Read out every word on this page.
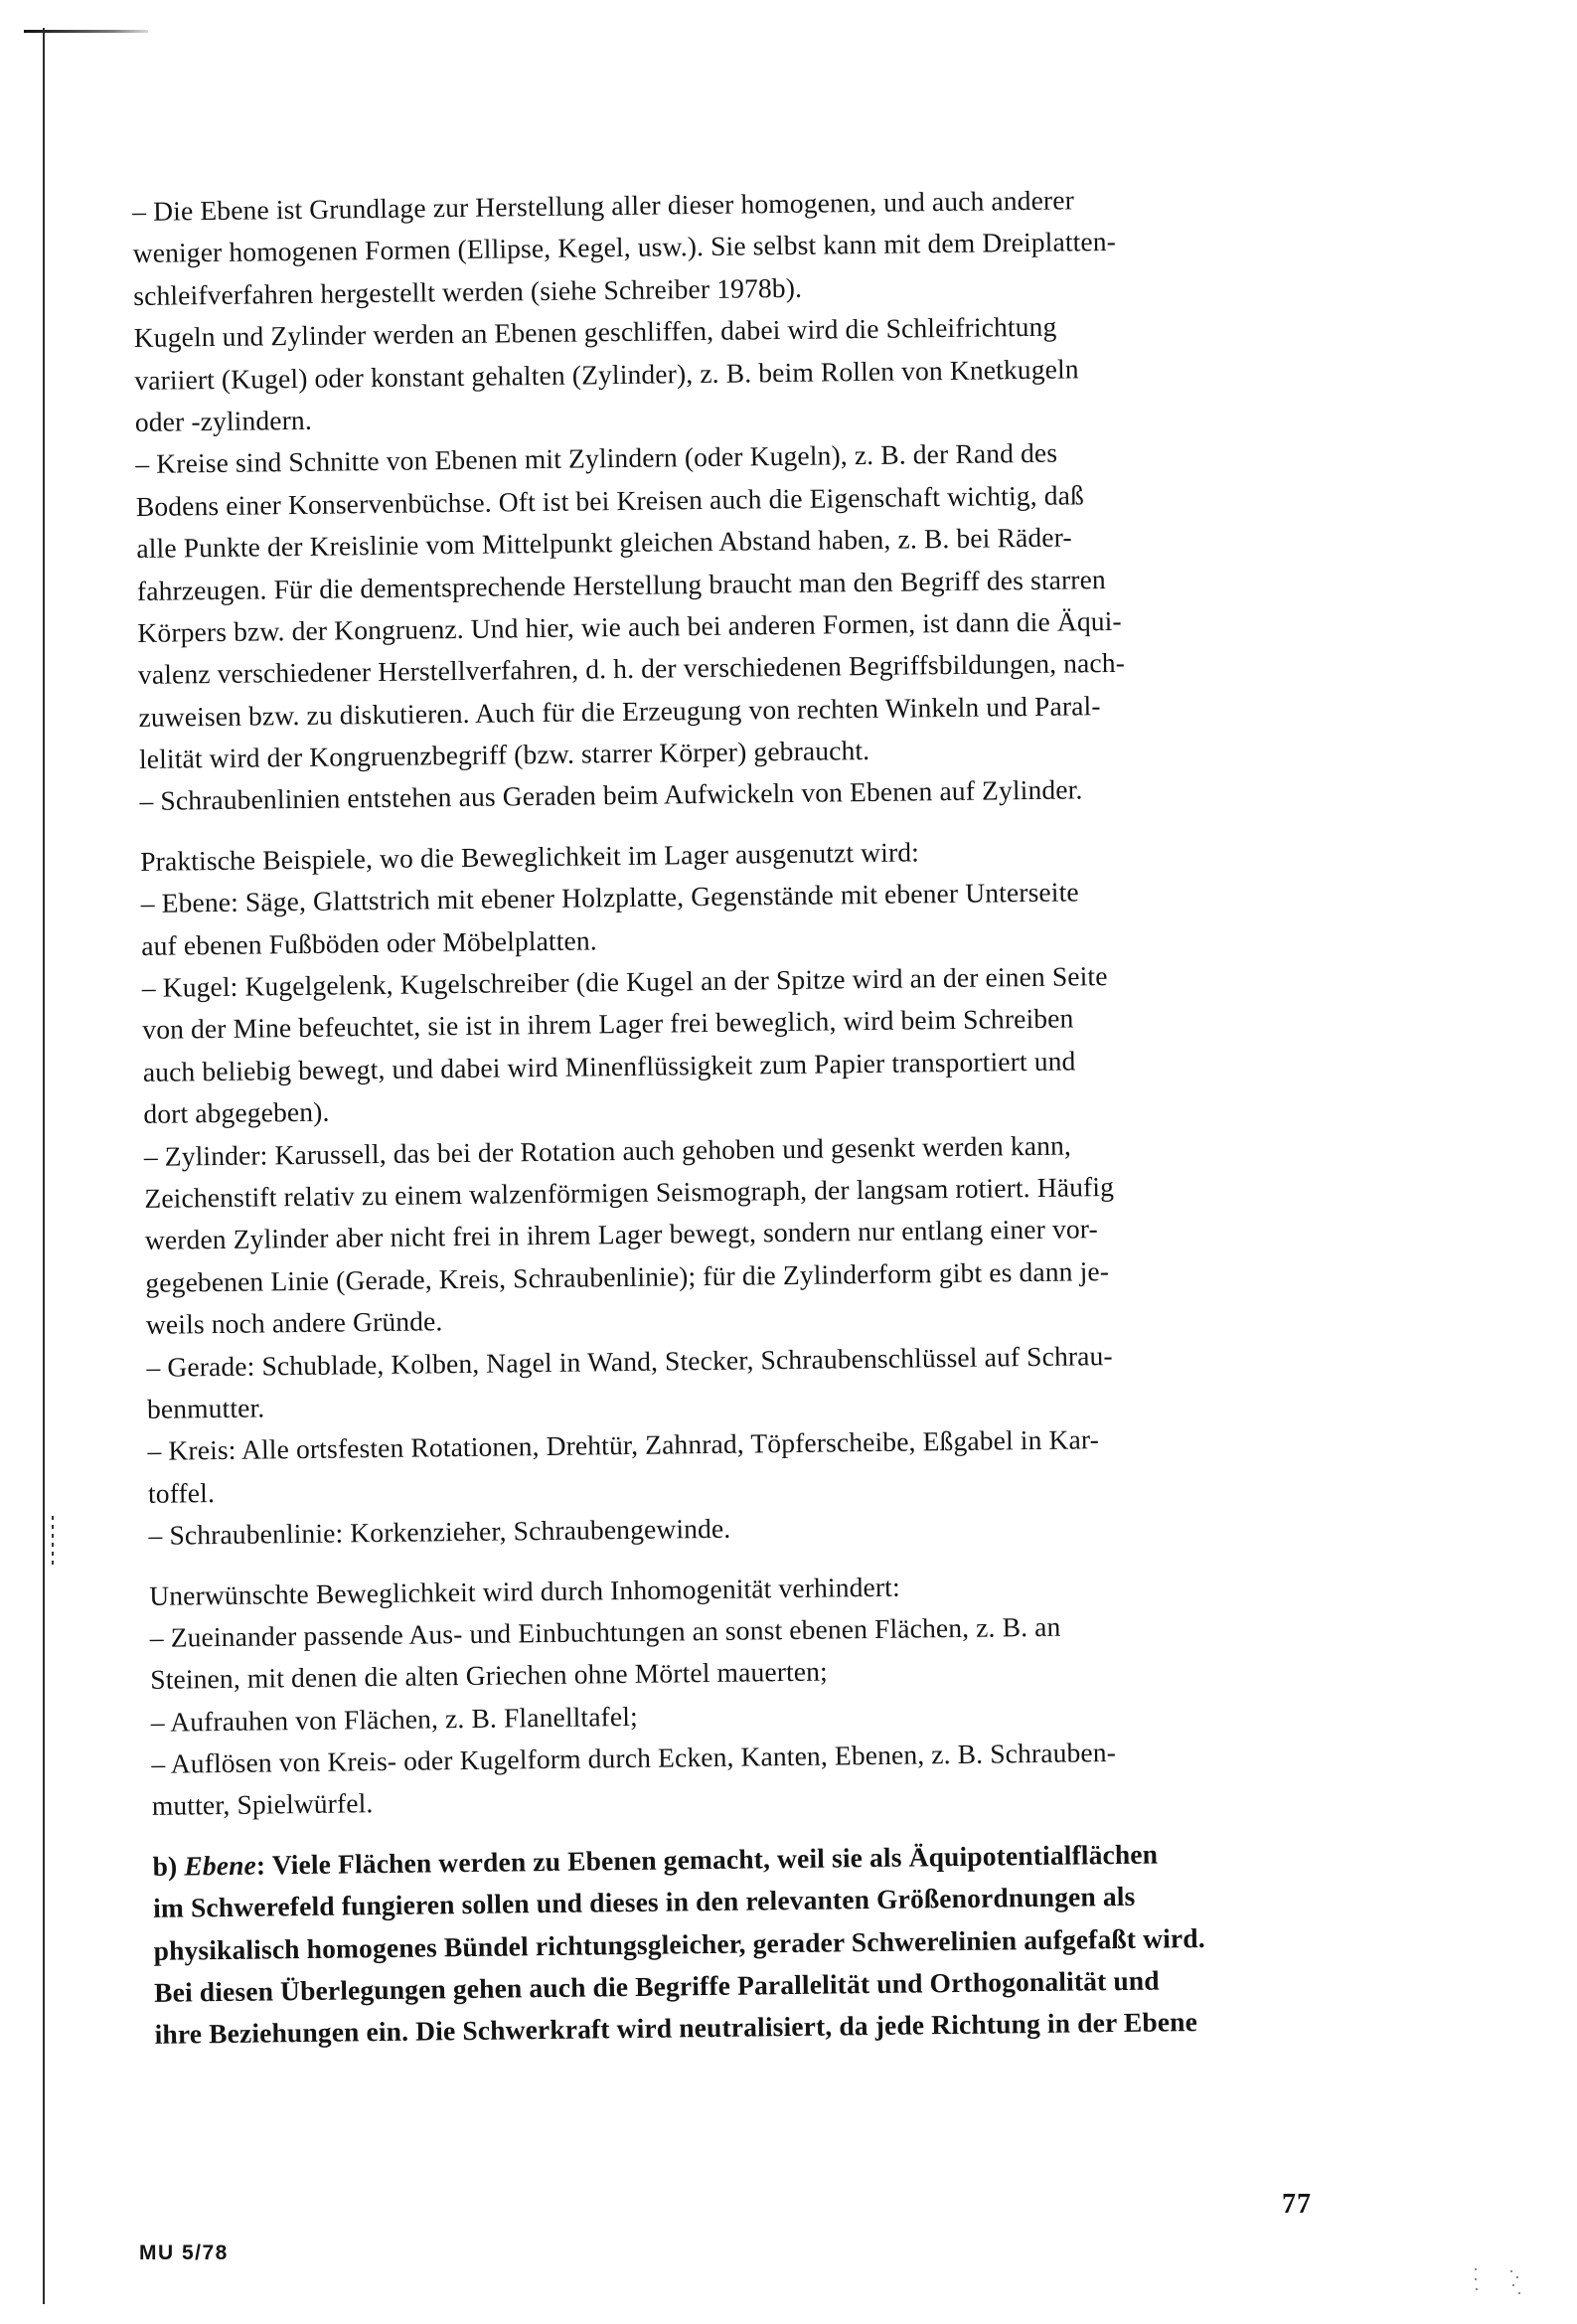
– Die Ebene ist Grundlage zur Herstellung aller dieser homogenen, und auch anderer
weniger homogenen Formen (Ellipse, Kegel, usw.). Sie selbst kann mit dem Dreiplatten-
schleifverfahren hergestellt werden (siehe Schreiber 1978b).
Kugeln und Zylinder werden an Ebenen geschliffen, dabei wird die Schleifrichtung
variiert (Kugel) oder konstant gehalten (Zylinder), z. B. beim Rollen von Knetkugeln
oder -zylindern.
– Kreise sind Schnitte von Ebenen mit Zylindern (oder Kugeln), z. B. der Rand des
Bodens einer Konservenbüchse. Oft ist bei Kreisen auch die Eigenschaft wichtig, daß
alle Punkte der Kreislinie vom Mittelpunkt gleichen Abstand haben, z. B. bei Räder-
fahrzeugen. Für die dementsprechende Herstellung braucht man den Begriff des starren
Körpers bzw. der Kongruenz. Und hier, wie auch bei anderen Formen, ist dann die Äqui-
valenz verschiedener Herstellverfahren, d. h. der verschiedenen Begriffsbildungen, nach-
zuweisen bzw. zu diskutieren. Auch für die Erzeugung von rechten Winkeln und Paral-
lelität wird der Kongruenzbegriff (bzw. starrer Körper) gebraucht.
– Schraubenlinien entstehen aus Geraden beim Aufwickeln von Ebenen auf Zylinder.
Praktische Beispiele, wo die Beweglichkeit im Lager ausgenutzt wird:
– Ebene: Säge, Glattstrich mit ebener Holzplatte, Gegenstände mit ebener Unterseite
auf ebenen Fußböden oder Möbelplatten.
– Kugel: Kugelgelenk, Kugelschreiber (die Kugel an der Spitze wird an der einen Seite
von der Mine befeuchtet, sie ist in ihrem Lager frei beweglich, wird beim Schreiben
auch beliebig bewegt, und dabei wird Minenflüssigkeit zum Papier transportiert und
dort abgegeben).
– Zylinder: Karussell, das bei der Rotation auch gehoben und gesenkt werden kann,
Zeichenstift relativ zu einem walzenförmigen Seismograph, der langsam rotiert. Häufig
werden Zylinder aber nicht frei in ihrem Lager bewegt, sondern nur entlang einer vor-
gegebenen Linie (Gerade, Kreis, Schraubenlinie); für die Zylinderform gibt es dann je-
weils noch andere Gründe.
– Gerade: Schublade, Kolben, Nagel in Wand, Stecker, Schraubenschlüssel auf Schrau-
benmutter.
– Kreis: Alle ortsfesten Rotationen, Drehtür, Zahnrad, Töpferscheibe, Eßgabel in Kar-
toffel.
– Schraubenlinie: Korkenzieher, Schraubengewinde.
Unerwünschte Beweglichkeit wird durch Inhomogenität verhindert:
– Zueinander passende Aus- und Einbuchtungen an sonst ebenen Flächen, z. B. an
Steinen, mit denen die alten Griechen ohne Mörtel mauerten;
– Aufrauhen von Flächen, z. B. Flanelltafel;
– Auflösen von Kreis- oder Kugelform durch Ecken, Kanten, Ebenen, z. B. Schrauben-
mutter, Spielwürfel.
b) Ebene: Viele Flächen werden zu Ebenen gemacht, weil sie als Äquipotentialflächen
im Schwerefeld fungieren sollen und dieses in den relevanten Größenordnungen als
physikalisch homogenes Bündel richtungsgleicher, gerader Schwerelinien aufgefaßt wird.
Bei diesen Überlegungen gehen auch die Begriffe Parallelität und Orthogonalität und
ihre Beziehungen ein. Die Schwerkraft wird neutralisiert, da jede Richtung in der Ebene
77
MU 5/78
